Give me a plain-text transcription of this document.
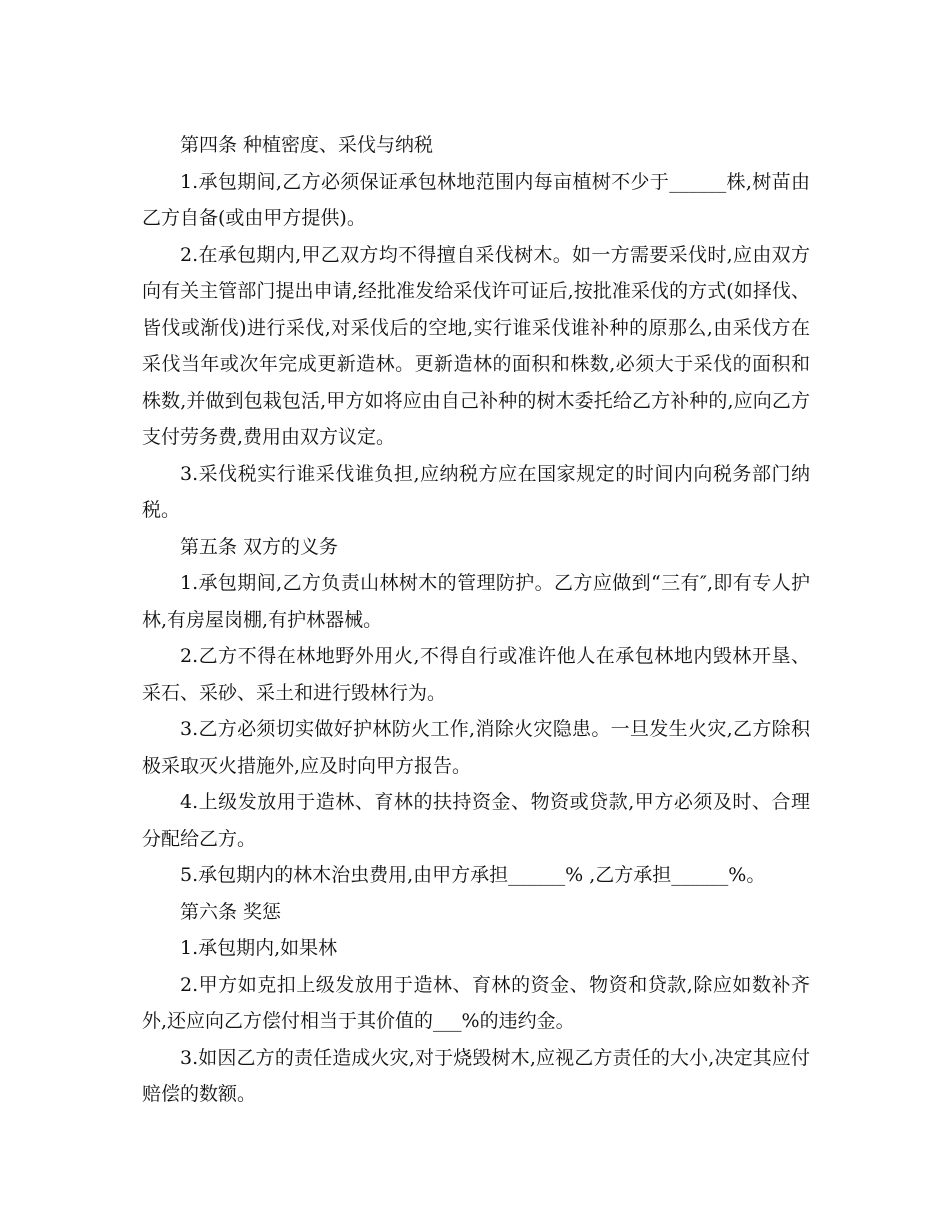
第四条 种植密度、采伐与纳税

1.承包期间,乙方必须保证承包林地范围内每亩植树不少于______株,树苗由乙方自备(或由甲方提供)。

2.在承包期内,甲乙双方均不得擅自采伐树木。如一方需要采伐时,应由双方向有关主管部门提出申请,经批准发给采伐许可证后,按批准采伐的方式(如择伐、皆伐或渐伐)进行采伐,对采伐后的空地,实行谁采伐谁补种的原那么,由采伐方在采伐当年或次年完成更新造林。更新造林的面积和株数,必须大于采伐的面积和株数,并做到包栽包活,甲方如将应由自己补种的树木委托给乙方补种的,应向乙方支付劳务费,费用由双方议定。

3.采伐税实行谁采伐谁负担,应纳税方应在国家规定的时间内向税务部门纳税。

第五条 双方的义务

1.承包期间,乙方负责山林树木的管理防护。乙方应做到“三有″,即有专人护林,有房屋岗棚,有护林器械。

2.乙方不得在林地野外用火,不得自行或准许他人在承包林地内毁林开垦、采石、采砂、采土和进行毁林行为。

3.乙方必须切实做好护林防火工作,消除火灾隐患。一旦发生火灾,乙方除积极采取灭火措施外,应及时向甲方报告。

4.上级发放用于造林、育林的扶持资金、物资或贷款,甲方必须及时、合理分配给乙方。

5.承包期内的林木治虫费用,由甲方承担______% ,乙方承担______%。

第六条 奖惩

1.承包期内,如果林

2.甲方如克扣上级发放用于造林、育林的资金、物资和贷款,除应如数补齐外,还应向乙方偿付相当于其价值的___%的违约金。

3.如因乙方的责任造成火灾,对于烧毁树木,应视乙方责任的大小,决定其应付赔偿的数额。
